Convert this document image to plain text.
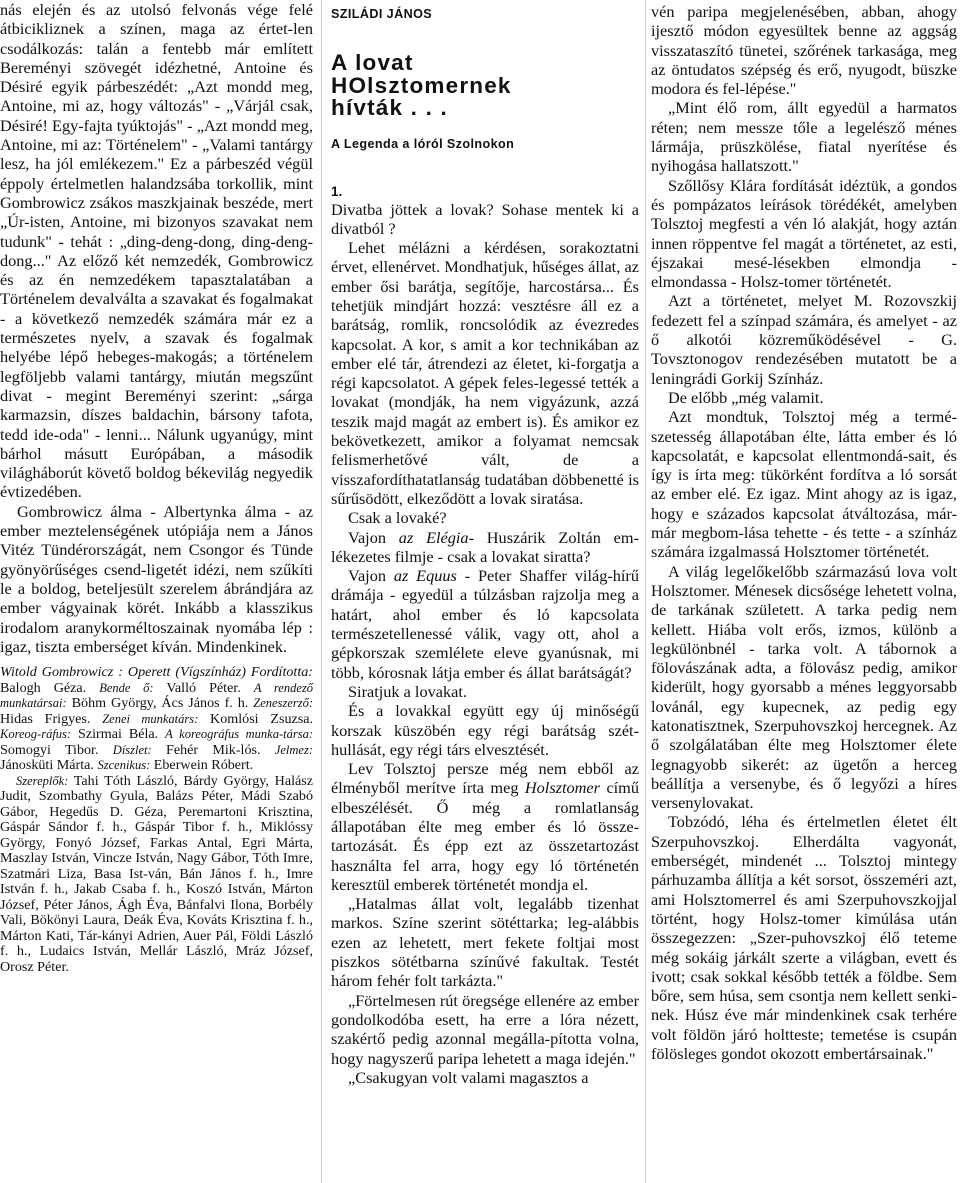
nás elején és az utolsó felvonás vége felé átbicikliznek a színen, maga az értet-len csodálkozás: talán a fentebb már említett Bereményi szövegét idézhetné, Antoine és Désiré egyik párbeszédét: „Azt mondd meg, Antoine, mi az, hogy változás" - „Várjál csak, Désiré! Egy-fajta tyúktojás" - „Azt mondd meg, Antoine, mi az: Történelem" - „Valami tantárgy lesz, ha jól emlékezem." Ez a párbeszéd végül éppoly értelmetlen halandzsába torkollik, mint Gombrowicz zsákos maszkjainak beszéde, mert „Úr-isten, Antoine, mi bizonyos szavakat nem tudunk" - tehát : „ding-deng-dong, ding-deng-dong..." Az előző két nemzedék, Gombrowicz és az én nemzedékem tapasztalatában a Történelem devalválta a szavakat és fogalmakat - a következő nemzedék számára már ez a természetes nyelv, a szavak és fogalmak helyébe lépő hebeges-makogás; a történelem legföljebb valami tantárgy, miután megszűnt divat - megint Bereményi szerint: „sárga karmazsin, díszes baldachin, bársony tafota, tedd ide-oda" - lenni... Nálunk ugyanúgy, mint bárhol másutt Európában, a második világháborút követő boldog békevilág negyedik évtizedében.

Gombrowicz álma - Albertynka álma - az ember meztelenségének utópiája nem a János Vitéz Tündérországát, nem Csongor és Tünde gyönyörűséges csend-ligetét idézi, nem szűkíti le a boldog, beteljesült szerelem ábrándjára az ember vágyainak körét. Inkább a klasszikus irodalom aranykorméltoszainak nyomába lép : igaz, tiszta emberséget kíván. Mindenkinek.

Witold Gombrowicz : Operett (Vígszínház) Fordította: Balogh Géza. Bende ő: Valló Péter. A rendező munkatársai: Böhm György, Ács János f. h. Zeneszerző: Hidas Frigyes. Zenei munkatárs: Komlósi Zsuzsa. Koreog-ráfus: Szirmai Béla. A koreográfus munka-társa: Somogyi Tibor. Díszlet: Fehér Mik-lós. Jelmez: Jánosküti Márta. Szcenikus: Eberwein Róbert.

Szereplők: Tahi Tóth László, Bárdy György, Halász Judit, Szombathy Gyula, Balázs Péter, Mádi Szabó Gábor, Hegedűs D. Géza, Peremartoni Krisztina, Gáspár Sándor f. h., Gáspár Tibor f. h., Miklóssy György, Fonyó József, Farkas Antal, Egri Márta, Maszlay István, Vincze István, Nagy Gábor, Tóth Imre, Szatmári Liza, Basa Ist-ván, Bán János f. h., Imre István f. h., Jakab Csaba f. h., Koszó István, Márton József, Péter János, Ágh Éva, Bánfalvi Ilona, Borbély Vali, Bökönyi Laura, Deák Éva, Kováts Krisztina f. h., Márton Kati, Tár-kányi Adrien, Auer Pál, Földi László f. h., Ludaics István, Mellár László, Mráz József, Orosz Péter.

SZILÁDI JÁNOS
A lovat
HOlsztomernek
hívták . . .
A Legenda a lóról Szolnokon
1.

Divatba jöttek a lovak? Sohase mentek ki a divatból ?

Lehet mélázni a kérdésen, sorakoztatni érvet, ellenérvet. Mondhatjuk, hűséges állat, az ember ősi barátja, segítője, harcostársa... És tehetjük mindjárt hozzá: vesztésre áll ez a barátság, romlik, roncsolódik az évezredes kapcsolat. A kor, s amit a kor technikában az ember elé tár, átrendezi az életet, ki-forgatja a régi kapcsolatot. A gépek feles-legessé tették a lovakat (mondják, ha nem vigyázunk, azzá teszik majd magát az embert is). És amikor ez bekövetkezett, amikor a folyamat nemcsak felismerhetővé vált, de a visszafordíthatatlanság tudatában döbbenetté is sűrűsödött, elkeződött a lovak siratása.

Csak a lovaké?

Vajon az Elégia- Huszárik Zoltán em-lékezetes filmje - csak a lovakat siratta?

Vajon az Equus - Peter Shaffer világ-hírű drámája - egyedül a túlzásban rajzolja meg a határt, ahol ember és ló kapcsolata természetellenessé válik, vagy ott, ahol a gépkorszak szemlélete eleve gyanúsnak, mi több, kórosnak látja ember és állat barátságát?

Siratjuk a lovakat.

És a lovakkal együtt egy új minőségű korszak küszöbén egy régi barátság szét-hullását, egy régi társ elvesztését.

Lev Tolsztoj persze még nem ebből az élményből merítve írta meg Holsztomer című elbeszélését. Ő még a romlatlanság állapotában élte meg ember és ló össze-tartozását. És épp ezt az összetartozást használta fel arra, hogy egy ló történetén keresztül emberek történetét mondja el.

„Hatalmas állat volt, legalább tizenhat markos. Színe szerint sötéttarka; leg-alábbis ezen az lehetett, mert fekete foltjai most piszkos sötétbarna színűvé fakultak. Testét három fehér folt tarkázta."

„Förtelmesen rút öregsége ellenére az ember gondolkodóba esett, ha erre a lóra nézett, szakértő pedig azonnal megálla-pította volna, hogy nagyszerű paripa lehetett a maga idején."

„Csakugyan volt valami magasztos a

vén paripa megjelenésében, abban, ahogy ijesztő módon egyesültek benne az aggság visszataszító tünetei, szőrének tarkasága, meg az öntudatos szépség és erő, nyugodt, büszke modora és fel-lépése."

„Mint élő rom, állt egyedül a harmatos réten; nem messze tőle a legelésző ménes lármája, prüszkölése, fiatal nyerítése és nyihogása hallatszott."

Szőllősy Klára fordítását idéztük, a gondos és pompázatos leírások törédékét, amelyben Tolsztoj megfesti a vén ló alakját, hogy aztán innen röppentve fel magát a történetet, az esti, éjszakai mesé-lésekben elmondja - elmondassa - Holsz-tomer történetét.

Azt a történetet, melyet M. Rozovszkij fedezett fel a színpad számára, és amelyet - az ő alkotói közreműködésével - G. Tovsztonogov rendezésében mutatott be a leningrádi Gorkij Színház.

De előbb „még valamit.

Azt mondtuk, Tolsztoj még a termé-szetesség állapotában élte, látta ember és ló kapcsolatát, e kapcsolat ellentmondá-sait, és így is írta meg: tükörként fordítva a ló sorsát az ember elé. Ez igaz. Mint ahogy az is igaz, hogy e százados kapcsolat átváltozása, már-már megbom-lása tehette - és tette - a színház számára izgalmassá Holsztomer történetét.

A világ legelőkelőbb származású lova volt Holsztomer. Ménesek dicsősége lehetett volna, de tarkának született. A tarka pedig nem kellett. Hiába volt erős, izmos, különb a legkülönbnél - tarka volt. A tábornok a fölovászának adta, a fölovász pedig, amikor kiderült, hogy gyorsabb a ménes leggyorsabb lovánál, egy kupecnek, az pedig egy katonatisztnek, Szerpuhovszkoj hercegnek. Az ő szolgálatában élte meg Holsztomer élete legnagyobb sikerét: az ügetőn a herceg beállítja a versenybe, és ő legyőzi a híres versenylovakat.

Tobzódó, léha és értelmetlen életet élt Szerpuhovszkoj. Elherdálta vagyonát, emberségét, mindenét ... Tolsztoj mintegy párhuzamba állítja a két sorsot, összeméri azt, ami Holsztomerrel és ami Szerpuhovszkojjal történt, hogy Holsz-tomer kimúlása után összegezzen: „Szer-puhovszkoj élő teteme még sokáig járkált szerte a világban, evett és ivott; csak sokkal később tették a földbe. Sem bőre, sem húsa, sem csontja nem kellett senki-nek. Húsz éve már mindenkinek csak terhére volt földön járó holtteste; temetése is csupán fölösleges gondot okozott embertársainak."
